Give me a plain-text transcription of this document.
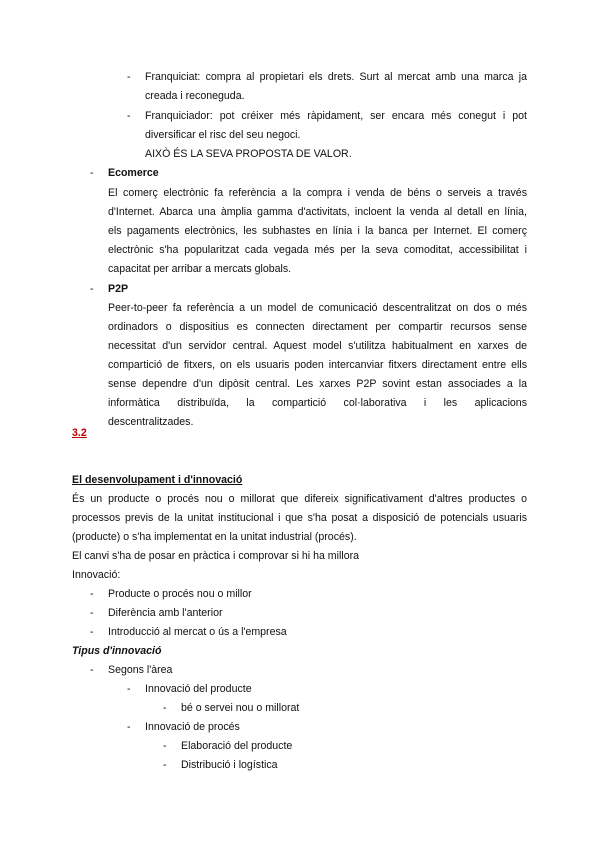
- Franquiciat: compra al propietari els drets. Surt al mercat amb una marca ja
creada i reconeguda.
- Franquiciador: pot créixer més ràpidament, ser encara més conegut i pot
diversificar el risc del seu negoci.
AIXÒ ÉS LA SEVA PROPOSTA DE VALOR.
- Ecomerce
El comerç electrònic fa referència a la compra i venda de béns o serveis a través
d'Internet. Abarca una àmplia gamma d'activitats, incloent la venda al detall en línia,
els pagaments electrònics, les subhastes en línia i la banca per Internet. El comerç
electrònic s'ha popularitzat cada vegada més per la seva comoditat, accessibilitat i
capacitat per arribar a mercats globals.
- P2P
Peer-to-peer fa referència a un model de comunicació descentralitzat on dos o més
ordinadors o dispositius es connecten directament per compartir recursos sense
necessitat d'un servidor central. Aquest model s'utilitza habitualment en xarxes de
compartició de fitxers, on els usuaris poden intercanviar fitxers directament entre ells
sense dependre d'un dipòsit central. Les xarxes P2P sovint estan associades a la
informàtica distribuïda, la compartició col·laborativa i les aplicacions
descentralitzades.
3.2
El desenvolupament i d'innovació
És un producte o procés nou o millorat que difereix significativament d'altres productes o
processos previs de la unitat institucional i que s'ha posat a disposició de potencials usuaris
(producte) o s'ha implementat en la unitat industrial (procés).
El canvi s'ha de posar en pràctica i comprovar si hi ha millora
Innovació:
- Producte o procés nou o millor
- Diferència amb l'anterior
- Introducció al mercat o ús a l'empresa
Tipus d'innovació
- Segons l'àrea
- Innovació del producte
- bé o servei nou o millorat
- Innovació de procés
- Elaboració del producte
- Distribució i logística
